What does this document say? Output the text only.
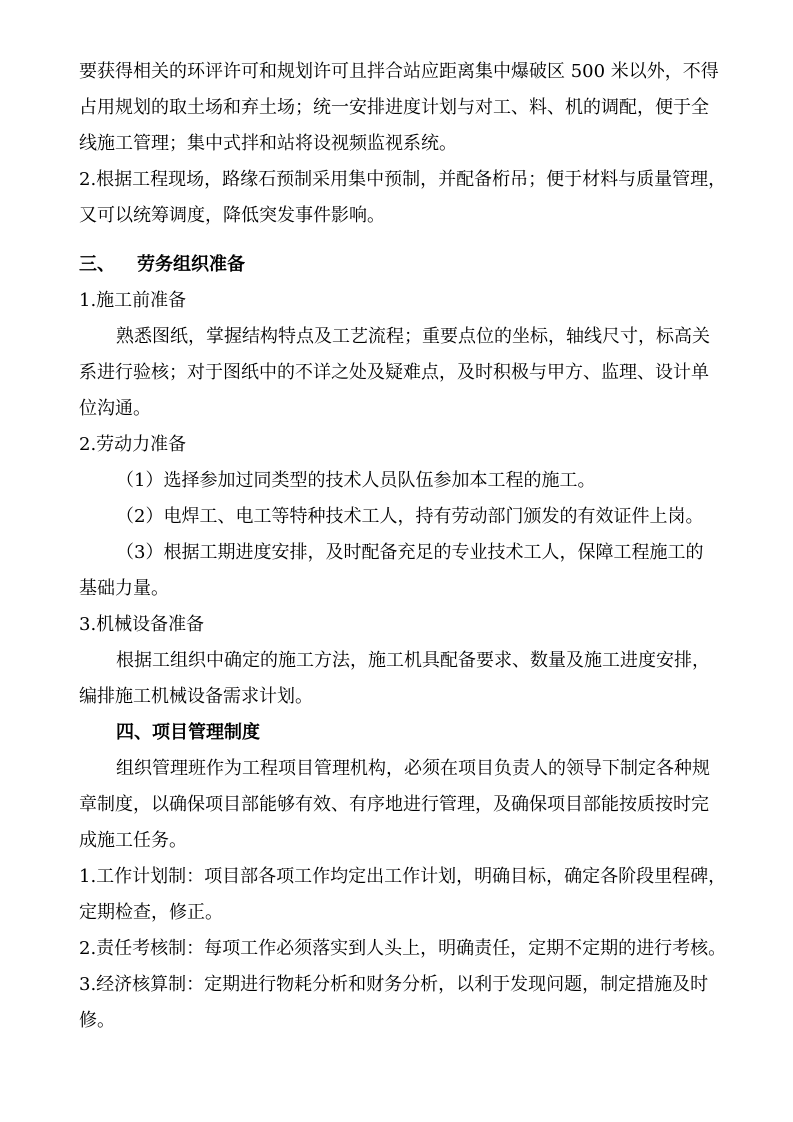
要获得相关的环评许可和规划许可且拌合站应距离集中爆破区 500 米以外，不得
占用规划的取土场和弃土场；统一安排进度计划与对工、料、机的调配，便于全
线施工管理；集中式拌和站将设视频监视系统。
2.根据工程现场，路缘石预制采用集中预制，并配备桁吊；便于材料与质量管理，
又可以统筹调度，降低突发事件影响。
三、 劳务组织准备
1.施工前准备
熟悉图纸，掌握结构特点及工艺流程；重要点位的坐标，轴线尺寸，标高关
系进行验核；对于图纸中的不详之处及疑难点，及时积极与甲方、监理、设计单
位沟通。
2.劳动力准备
（1）选择参加过同类型的技术人员队伍参加本工程的施工。
（2）电焊工、电工等特种技术工人，持有劳动部门颁发的有效证件上岗。
（3）根据工期进度安排，及时配备充足的专业技术工人，保障工程施工的
基础力量。
3.机械设备准备
根据工组织中确定的施工方法，施工机具配备要求、数量及施工进度安排，
编排施工机械设备需求计划。
四、项目管理制度
组织管理班作为工程项目管理机构，必须在项目负责人的领导下制定各种规
章制度，以确保项目部能够有效、有序地进行管理，及确保项目部能按质按时完
成施工任务。
1.工作计划制：项目部各项工作均定出工作计划，明确目标，确定各阶段里程碑，
定期检查，修正。
2.责任考核制：每项工作必须落实到人头上，明确责任，定期不定期的进行考核。
3.经济核算制：定期进行物耗分析和财务分析，以利于发现问题，制定措施及时
修。
